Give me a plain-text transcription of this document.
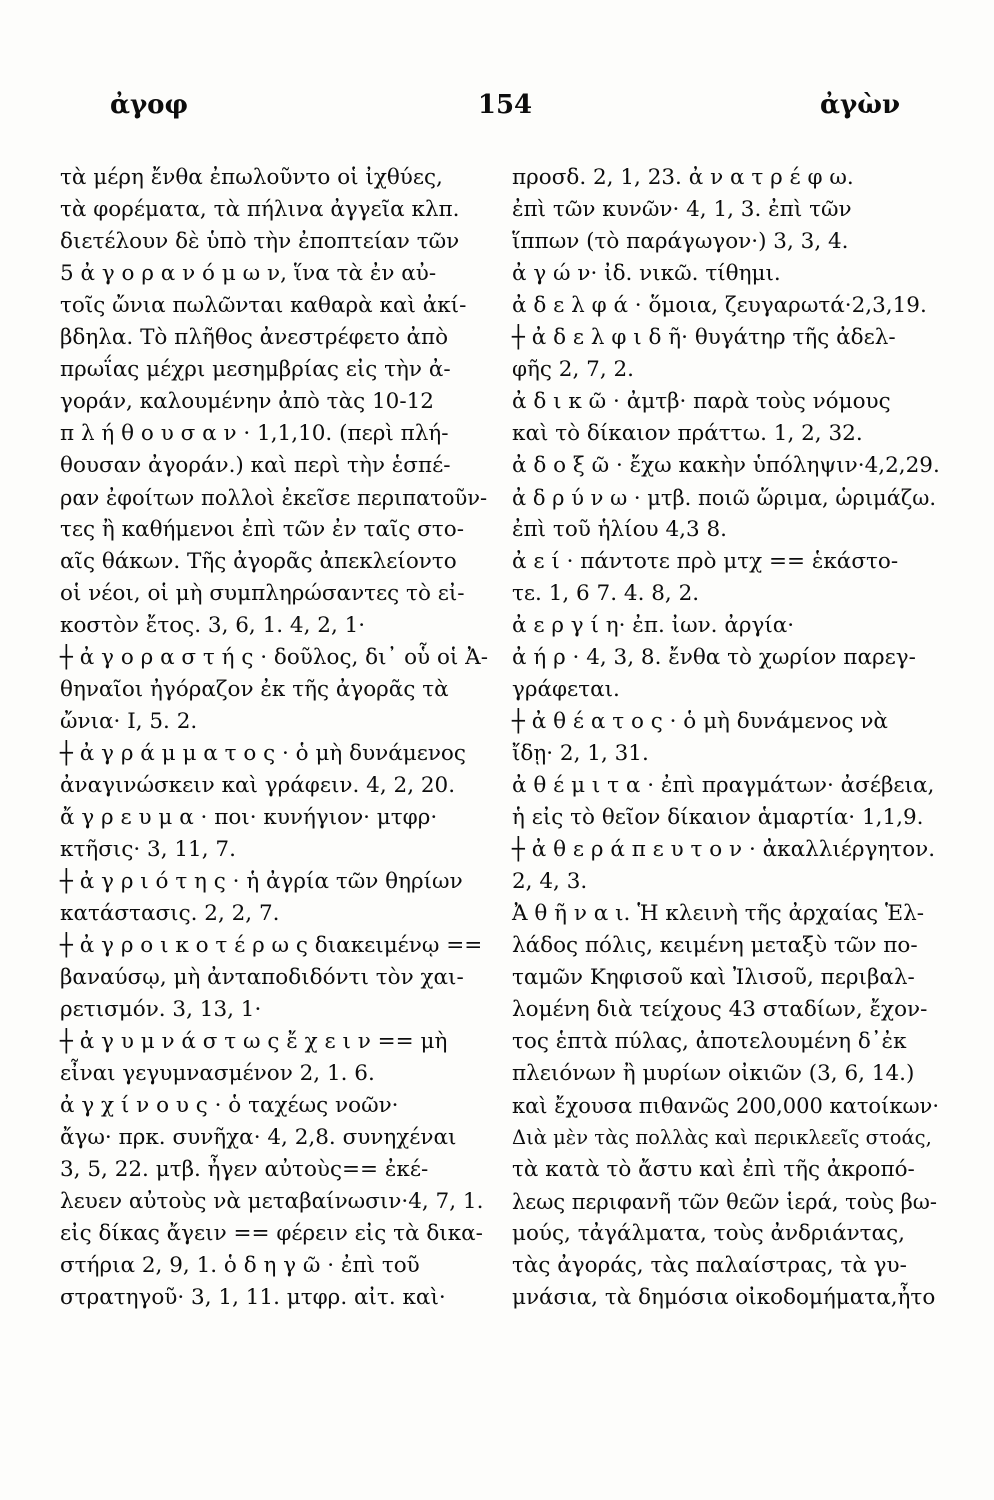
ἀγοφ	154	ἀγὼν
τὰ μέρη ἔνθα ἐπωλοῦντο οἱ ἰχθύες,
τὰ φορέματα, τὰ πήλινα ἀγγεῖα κλπ.
διετέλουν δὲ ὑπὸ τὴν ἐποπτείαν τῶν
5 ἀ γ ο ρ α ν ό μ ω ν, ἵνα τὰ ἐν αὐ-
τοῖς ὤνια πωλῶνται καθαρὰ καὶ ἀκί-
βδηλα. Τὸ πλῆθος ἀνεστρέφετο ἀπὸ
πρωΐας μέχρι μεσημβρίας εἰς τὴν ἀ-
γοράν, καλουμένην ἀπὸ τὰς 10-12
π λ ή θ ο υ σ α ν · 1,1,10. (περὶ πλή-
θουσαν ἀγοράν.) καὶ περὶ τὴν ἑσπέ-
ραν ἐφοίτων πολλοὶ ἐκεῖσε περιπατοῦν-
τες ἢ καθήμενοι ἐπὶ τῶν ἐν ταῖς στο-
αῖς θάκων. Τῆς ἀγορᾶς ἀπεκλείοντο
οἱ νέοι, οἱ μὴ συμπληρώσαντες τὸ εἰ-
κοστὸν ἔτος. 3, 6, 1. 4, 2, 1·
┼ ἀ γ ο ρ α σ τ ή ς · δοῦλος, δι᾽ οὗ οἱ Ἀ-
θηναῖοι ἠγόραζον ἐκ τῆς ἀγορᾶς τὰ
ὤνια· I, 5. 2.
┼ ἀ γ ρ ά μ μ α τ ο ς · ὁ μὴ δυνάμενος
ἀναγινώσκειν καὶ γράφειν. 4, 2, 20.
ἄ γ ρ ε υ μ α · ποι· κυνήγιον· μτφρ·
κτῆσις· 3, 11, 7.
┼ ἀ γ ρ ι ό τ η ς · ἡ ἀγρία τῶν θηρίων
κατάστασις. 2, 2, 7.
┼ ἀ γ ρ ο ι κ ο τ έ ρ ω ς διακειμένῳ ==
βαναύσῳ, μὴ ἀνταποδιδόντι τὸν χαι-
ρετισμόν. 3, 13, 1·
┼ ἀ γ υ μ ν ά σ τ ω ς ἔ χ ε ι ν == μὴ
εἶναι γεγυμνασμένον 2, 1. 6.
ἀ γ χ ί ν ο υ ς · ὁ ταχέως νοῶν·
ἄγω· πρκ. συνῆχα· 4, 2,8. συνηχέναι
3, 5, 22. μτβ. ἦγεν αὐτοὺς== ἐκέ-
λευεν αὐτοὺς νὰ μεταβαίνωσιν·4, 7, 1.
εἰς δίκας ἄγειν == φέρειν εἰς τὰ δικα-
στήρια 2, 9, 1. ὁ δ η γ ῶ · ἐπὶ τοῦ
στρατηγοῦ· 3, 1, 11. μτφρ. αἰτ. καὶ·
προσδ. 2, 1, 23. ἀ ν α τ ρ έ φ ω.
ἐπὶ τῶν κυνῶν· 4, 1, 3. ἐπὶ τῶν
ἵππων (τὸ παράγωγον·) 3, 3, 4.
ἀ γ ώ ν· ἰδ. νικῶ. τίθημι.
ἀ δ ε λ φ ά · ὅμοια, ζευγαρωτά·2,3,19.
┼ ἀ δ ε λ φ ι δ ῆ· θυγάτηρ τῆς ἀδελ-
φῆς 2, 7, 2.
ἀ δ ι κ ῶ · ἀμτβ· παρὰ τοὺς νόμους
καὶ τὸ δίκαιον πράττω. 1, 2, 32.
ἀ δ ο ξ ῶ · ἔχω κακὴν ὑπόληψιν·4,2,29.
ἀ δ ρ ύ ν ω · μτβ. ποιῶ ὥριμα, ὡριμάζω.
ἐπὶ τοῦ ἡλίου 4,3 8.
ἀ ε ί · πάντοτε πρὸ μτχ == ἑκάστο-
τε. 1, 6 7. 4. 8, 2.
ἀ ε ρ γ ί η· ἐπ. ἰων. ἀργία·
ἀ ή ρ · 4, 3, 8. ἔνθα τὸ χωρίον παρεγ-
γράφεται.
┼ ἀ θ έ α τ ο ς · ὁ μὴ δυνάμενος νὰ
ἴδῃ· 2, 1, 31.
ἀ θ έ μ ι τ α · ἐπὶ πραγμάτων· ἀσέβεια,
ἡ εἰς τὸ θεῖον δίκαιον ἁμαρτία· 1,1,9.
┼ ἀ θ ε ρ ά π ε υ τ ο ν · ἀκαλλιέργητον.
2, 4, 3.
Ἀ θ ῆ ν α ι. Ἡ κλεινὴ τῆς ἀρχαίας Ἑλ-
λάδος πόλις, κειμένη μεταξὺ τῶν πο-
ταμῶν Κηφισοῦ καὶ Ἰλισοῦ, περιβαλ-
λομένη διὰ τείχους 43 σταδίων, ἔχον-
τος ἑπτὰ πύλας, ἀποτελουμένη δ᾽ἐκ
πλειόνων ἢ μυρίων οἰκιῶν (3, 6, 14.)
καὶ ἔχουσα πιθανῶς 200,000 κατοίκων·
Διὰ μὲν τὰς πολλὰς καὶ περικλεεῖς στοάς,
τὰ κατὰ τὸ ἄστυ καὶ ἐπὶ τῆς ἀκροπό-
λεως περιφανῆ τῶν θεῶν ἱερά, τοὺς βω-
μούς, τἀγάλματα, τοὺς ἀνδριάντας,
τὰς ἀγοράς, τὰς παλαίστρας, τὰ γυ-
μνάσια, τὰ δημόσια οἰκοδομήματα,ἦτο
